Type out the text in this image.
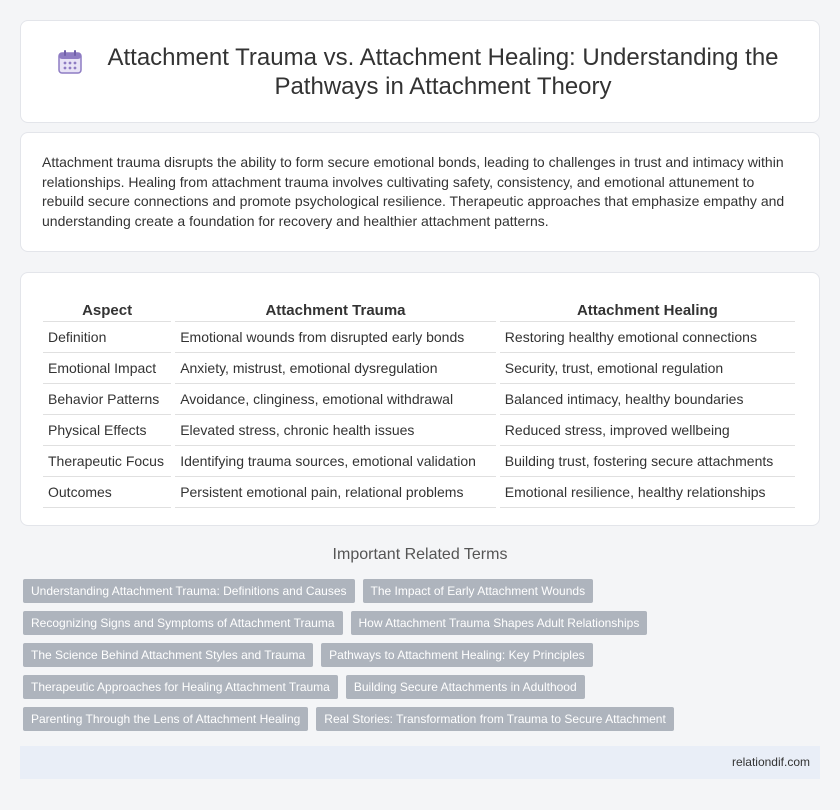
Attachment Trauma vs. Attachment Healing: Understanding the Pathways in Attachment Theory

Attachment trauma disrupts the ability to form secure emotional bonds, leading to challenges in trust and intimacy within relationships. Healing from attachment trauma involves cultivating safety, consistency, and emotional attunement to rebuild secure connections and promote psychological resilience. Therapeutic approaches that emphasize empathy and understanding create a foundation for recovery and healthier attachment patterns.

Aspect	Attachment Trauma	Attachment Healing
Definition	Emotional wounds from disrupted early bonds	Restoring healthy emotional connections
Emotional Impact	Anxiety, mistrust, emotional dysregulation	Security, trust, emotional regulation
Behavior Patterns	Avoidance, clinginess, emotional withdrawal	Balanced intimacy, healthy boundaries
Physical Effects	Elevated stress, chronic health issues	Reduced stress, improved wellbeing
Therapeutic Focus	Identifying trauma sources, emotional validation	Building trust, fostering secure attachments
Outcomes	Persistent emotional pain, relational problems	Emotional resilience, healthy relationships
Important Related Terms
Understanding Attachment Trauma: Definitions and Causes	The Impact of Early Attachment Wounds
Recognizing Signs and Symptoms of Attachment Trauma	How Attachment Trauma Shapes Adult Relationships
The Science Behind Attachment Styles and Trauma	Pathways to Attachment Healing: Key Principles
Therapeutic Approaches for Healing Attachment Trauma	Building Secure Attachments in Adulthood
Parenting Through the Lens of Attachment Healing	Real Stories: Transformation from Trauma to Secure Attachment
relationdif.com
